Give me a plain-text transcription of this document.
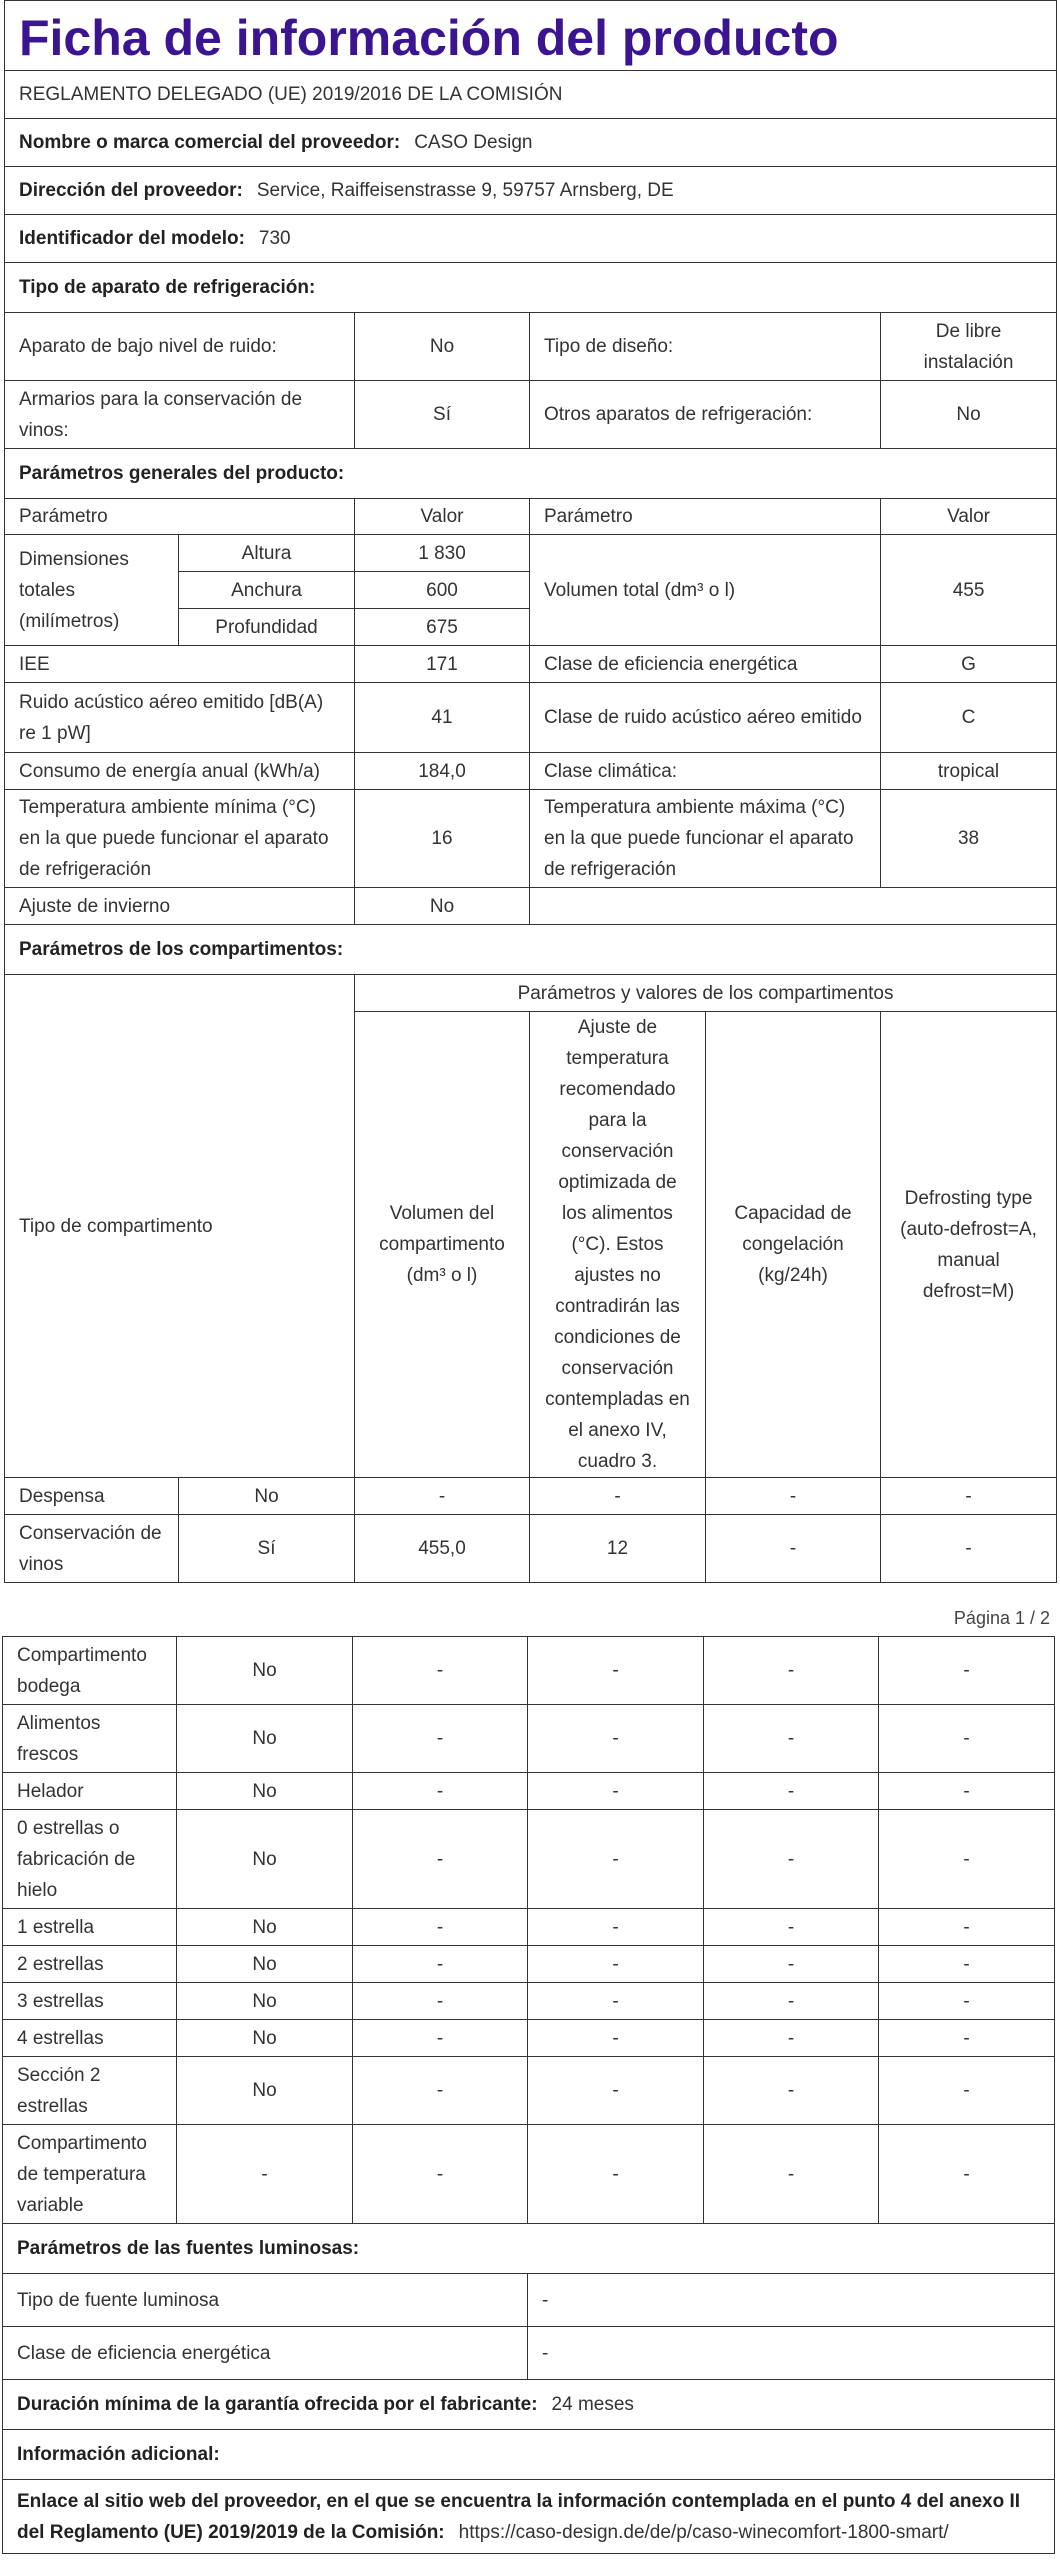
Ficha de información del producto					
REGLAMENTO DELEGADO (UE) 2019/2016 DE LA COMISIÓN					
Nombre o marca comercial del proveedor: CASO Design					
Dirección del proveedor: Service, Raiffeisenstrasse 9, 59757 Arnsberg, DE					
Identificador del modelo: 730					
Tipo de aparato de refrigeración:					
Aparato de bajo nivel de ruido:		No	Tipo de diseño:		De libre instalación
Armarios para la conservación de vinos:		Sí	Otros aparatos de refrigeración:		No
Parámetros generales del producto:					
Parámetro		Valor	Parámetro		Valor
Dimensiones totales (milímetros)	Altura	1 830	Volumen total (dm³ o l)		455
	Anchura	600			
	Profundidad	675			
IEE		171	Clase de eficiencia energética		G
Ruido acústico aéreo emitido [dB(A) re 1 pW]		41	Clase de ruido acústico aéreo emitido		C
Consumo de energía anual (kWh/a)		184,0	Clase climática:		tropical
Temperatura ambiente mínima (°C) en la que puede funcionar el aparato de refrigeración		16	Temperatura ambiente máxima (°C) en la que puede funcionar el aparato de refrigeración		38
Ajuste de invierno		No			
Parámetros de los compartimentos:					
Tipo de compartimento		Parámetros y valores de los compartimentos			
		Volumen del compartimento (dm³ o l)	Ajuste de temperatura recomendado para la conservación optimizada de los alimentos (°C). Estos ajustes no contradirán las condiciones de conservación contempladas en el anexo IV, cuadro 3.	Capacidad de congelación (kg/24h)	Defrosting type (auto-defrost=A, manual defrost=M)
Despensa	No	-	-	-	-
Conservación de vinos	Sí	455,0	12	-	-
Página 1 / 2
Compartimento bodega	No	-	-	-	-
Alimentos frescos	No	-	-	-	-
Helador	No	-	-	-	-
0 estrellas o fabricación de hielo	No	-	-	-	-
1 estrella	No	-	-	-	-
2 estrellas	No	-	-	-	-
3 estrellas	No	-	-	-	-
4 estrellas	No	-	-	-	-
Sección 2 estrellas	No	-	-	-	-
Compartimento de temperatura variable	-	-	-	-	-
Parámetros de las fuentes luminosas:					
Tipo de fuente luminosa			-		
Clase de eficiencia energética			-		
Duración mínima de la garantía ofrecida por el fabricante: 24 meses					
Información adicional:					
Enlace al sitio web del proveedor, en el que se encuentra la información contemplada en el punto 4 del anexo II del Reglamento (UE) 2019/2019 de la Comisión: https://caso-design.de/de/p/caso-winecomfort-1800-smart/					
